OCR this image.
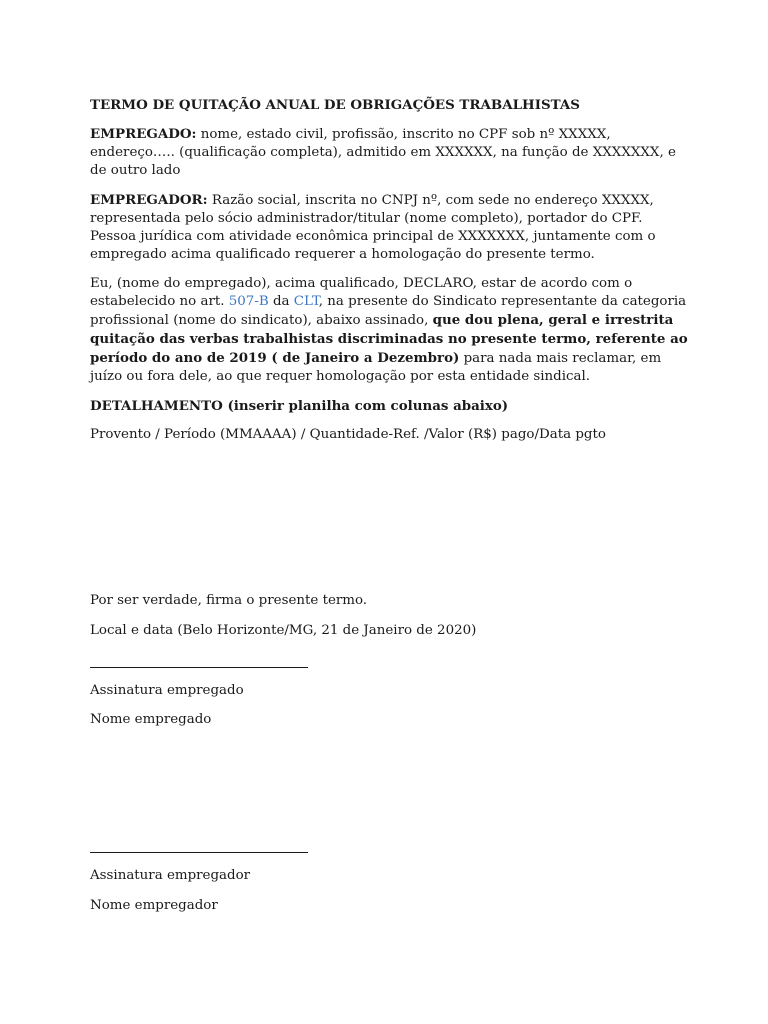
TERMO DE QUITAÇÃO ANUAL DE OBRIGAÇÕES TRABALHISTAS

EMPREGADO: nome, estado civil, profissão, inscrito no CPF sob nº XXXXX, endereço….. (qualificação completa), admitido em XXXXXX, na função de XXXXXXX, e de outro lado

EMPREGADOR: Razão social, inscrita no CNPJ nº, com sede no endereço XXXXX, representada pelo sócio administrador/titular (nome completo), portador do CPF. Pessoa jurídica com atividade econômica principal de XXXXXXX, juntamente com o empregado acima qualificado requerer a homologação do presente termo.

Eu, (nome do empregado), acima qualificado, DECLARO, estar de acordo com o estabelecido no art. 507-B da CLT, na presente do Sindicato representante da categoria profissional (nome do sindicato), abaixo assinado, que dou plena, geral e irrestrita quitação das verbas trabalhistas discriminadas no presente termo, referente ao período do ano de 2019 ( de Janeiro a Dezembro) para nada mais reclamar, em juízo ou fora dele, ao que requer homologação por esta entidade sindical.

DETALHAMENTO (inserir planilha com colunas abaixo)

Provento / Período (MMAAAA) / Quantidade-Ref. /Valor (R$) pago/Data pgto

Por ser verdade, firma o presente termo.

Local e data (Belo Horizonte/MG, 21 de Janeiro de 2020)

Assinatura empregado

Nome empregado

Assinatura empregador

Nome empregador
